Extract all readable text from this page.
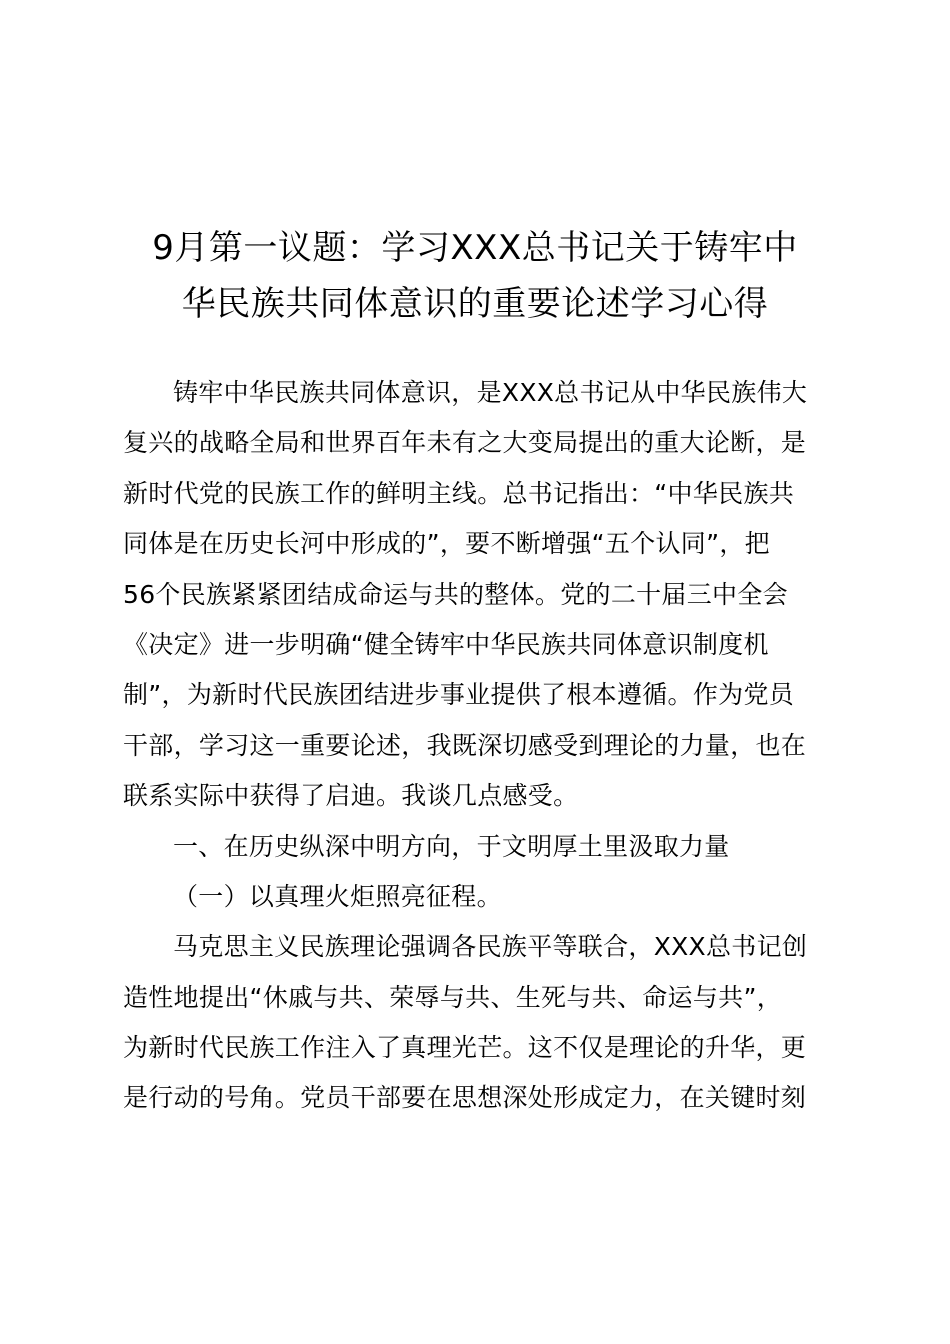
9月第一议题：学习XXX总书记关于铸牢中
华民族共同体意识的重要论述学习心得
铸牢中华民族共同体意识，是XXX总书记从中华民族伟大
复兴的战略全局和世界百年未有之大变局提出的重大论断，是
新时代党的民族工作的鲜明主线。总书记指出：“中华民族共
同体是在历史长河中形成的”，要不断增强“五个认同”，把
56个民族紧紧团结成命运与共的整体。党的二十届三中全会
《决定》进一步明确“健全铸牢中华民族共同体意识制度机
制”，为新时代民族团结进步事业提供了根本遵循。作为党员
干部，学习这一重要论述，我既深切感受到理论的力量，也在
联系实际中获得了启迪。我谈几点感受。
一、在历史纵深中明方向，于文明厚土里汲取力量
（一）以真理火炬照亮征程。
马克思主义民族理论强调各民族平等联合，XXX总书记创
造性地提出“休戚与共、荣辱与共、生死与共、命运与共”，
为新时代民族工作注入了真理光芒。这不仅是理论的升华，更
是行动的号角。党员干部要在思想深处形成定力，在关键时刻
